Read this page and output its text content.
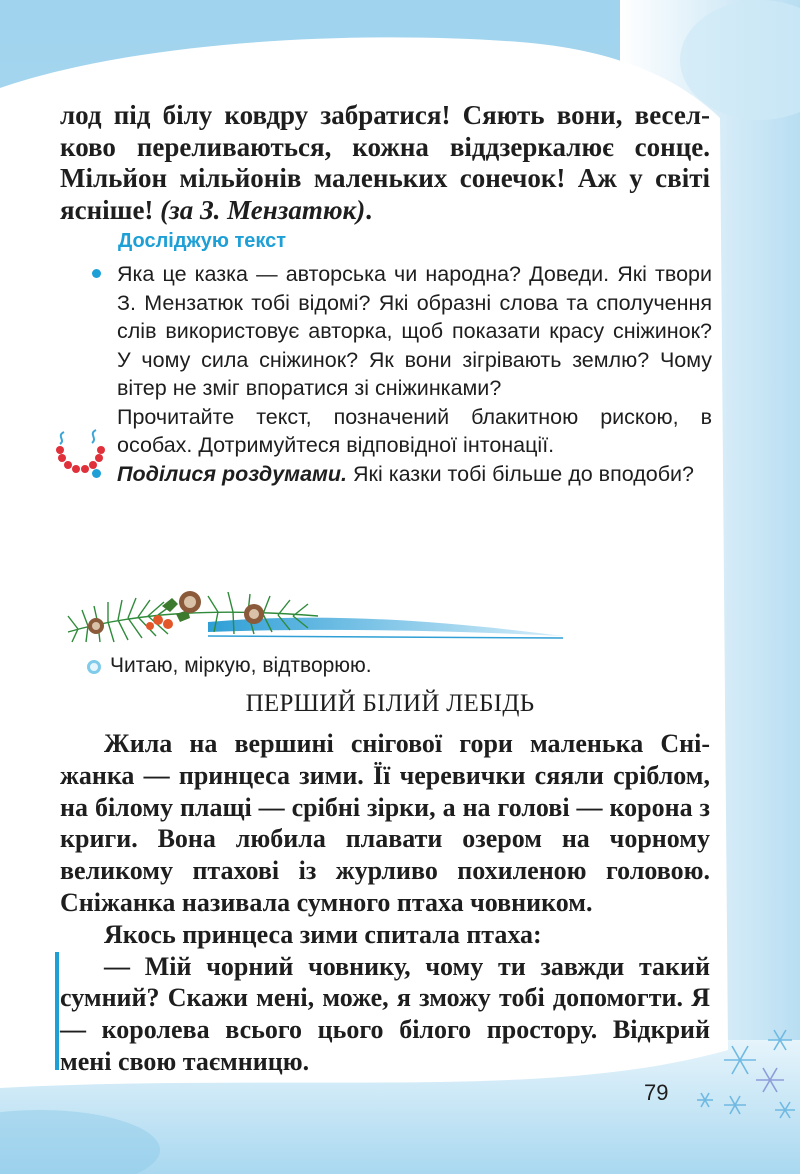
лод під білу ковдру забратися! Сяють вони, веселково переливаються, кожна віддзеркалює сонце. Мільйон мільйонів маленьких сонечок! Аж у світі ясніше! (за З. Мензатюк).
Досліджую текст
Яка це казка — авторська чи народна? Доведи. Які твори З. Мензатюк тобі відомі? Які образні слова та сполучення слів використовує авторка, щоб показати красу сніжинок? У чому сила сніжинок? Як вони зігрівають землю? Чому вітер не зміг впоратися зі сніжинками?
Прочитайте текст, позначений блакитною рискою, в особах. Дотримуйтеся відповідної інтонації.
Поділися роздумами. Які казки тобі більше до вподоби?
Читаю, міркую, відтворюю.
ПЕРШИЙ БІЛИЙ ЛЕБІДЬ

Жила на вершині снігової гори маленька Сніжанка — принцеса зими. Її черевички сяяли сріблом, на білому плащі — срібні зірки, а на голові — корона з криги. Вона любила плавати озером на чорному великому птахові із журливо похиленою головою. Сніжанка називала сумного птаха човником.

Якось принцеса зими спитала птаха:

— Мій чорний човнику, чому ти завжди такий сумний? Скажи мені, може, я зможу тобі допомогти. Я — королева всього цього білого простору. Відкрий мені свою таємницю.

79
